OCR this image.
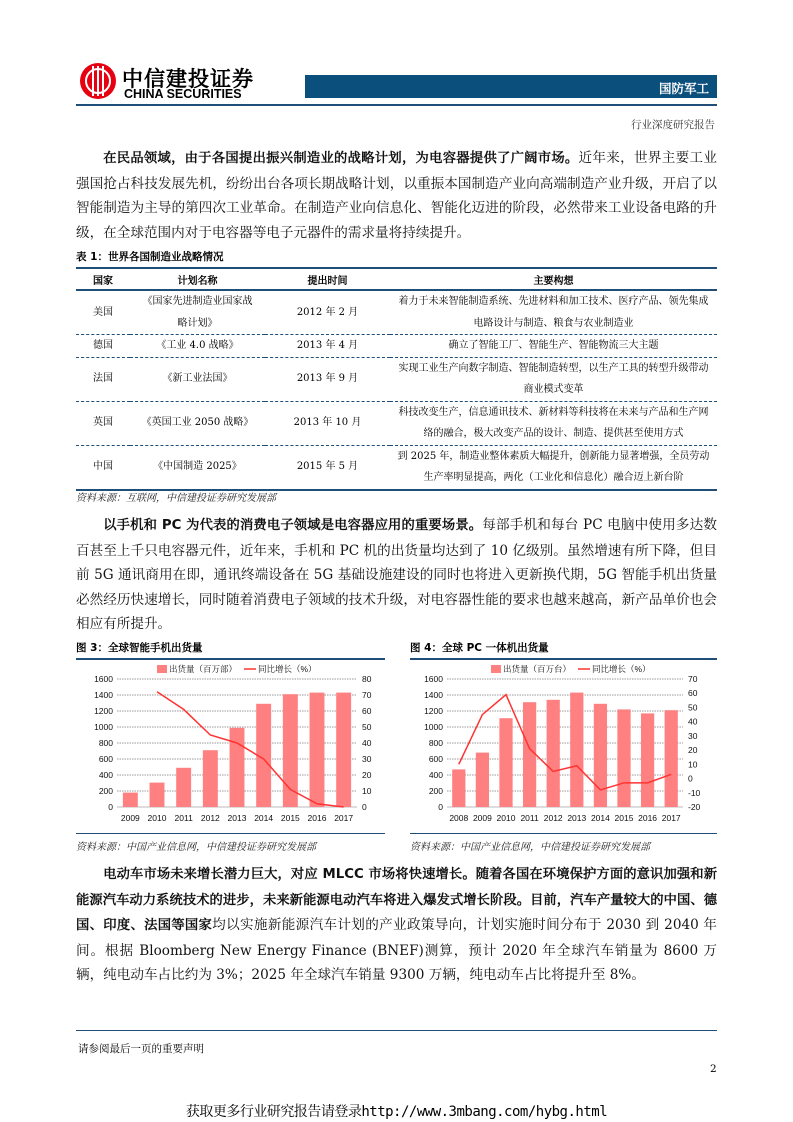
中信建投证券
CHINA SECURITIES	国防军工
行业深度研究报告

在民品领域，由于各国提出振兴制造业的战略计划，为电容器提供了广阔市场。近年来，世界主要工业强国抢占科技发展先机，纷纷出台各项长期战略计划，以重振本国制造产业向高端制造产业升级，开启了以智能制造为主导的第四次工业革命。在制造产业向信息化、智能化迈进的阶段，必然带来工业设备电路的升级，在全球范围内对于电容器等电子元器件的需求量将持续提升。

表 1：世界各国制造业战略情况
国家	计划名称	提出时间	主要构想
美国	《国家先进制造业国家战略计划》	2012 年 2 月	着力于未来智能制造系统、先进材料和加工技术、医疗产品、领先集成电路设计与制造、粮食与农业制造业
德国	《工业 4.0 战略》	2013 年 4 月	确立了智能工厂、智能生产、智能物流三大主题
法国	《新工业法国》	2013 年 9 月	实现工业生产向数字制造、智能制造转型，以生产工具的转型升级带动商业模式变革
英国	《英国工业 2050 战略》	2013 年 10 月	科技改变生产，信息通讯技术、新材料等科技将在未来与产品和生产网络的融合，极大改变产品的设计、制造、提供甚至使用方式
中国	《中国制造 2025》	2015 年 5 月	到 2025 年，制造业整体素质大幅提升，创新能力显著增强，全员劳动生产率明显提高，两化（工业化和信息化）融合迈上新台阶
资料来源：互联网，中信建投证券研究发展部

以手机和 PC 为代表的消费电子领域是电容器应用的重要场景。每部手机和每台 PC 电脑中使用多达数百甚至上千只电容器元件，近年来，手机和 PC 机的出货量均达到了 10 亿级别。虽然增速有所下降，但目前 5G 通讯商用在即，通讯终端设备在 5G 基础设施建设的同时也将进入更新换代期，5G 智能手机出货量必然经历快速增长，同时随着消费电子领域的技术升级，对电容器性能的要求也越来越高，新产品单价也会相应有所提升。

图 3：全球智能手机出货量
0
200
400
600
800
1000
1200
1400
1600
0
10
20
30
40
50
60
70
80
2009 2010 2011 2012 2013 2014 2015 2016 2017
出货量（百万部） 同比增长（%）
资料来源：中国产业信息网，中信建投证券研究发展部
图 4：全球 PC 一体机出货量
0
200
400
600
800
1000
1200
1400
1600
-20
-10
0
10
20
30
40
50
60
70
2008 2009 2010 2011 2012 2013 2014 2015 2016 2017
出货量（百万台） 同比增长（%）
资料来源：中国产业信息网，中信建投证券研究发展部

电动车市场未来增长潜力巨大，对应 MLCC 市场将快速增长。随着各国在环境保护方面的意识加强和新能源汽车动力系统技术的进步，未来新能源电动汽车将进入爆发式增长阶段。目前，汽车产量较大的中国、德国、印度、法国等国家均以实施新能源汽车计划的产业政策导向，计划实施时间分布于 2030 到 2040 年间。根据 Bloomberg New Energy Finance (BNEF)测算，预计 2020 年全球汽车销量为 8600 万辆，纯电动车占比约为 3%；2025 年全球汽车销量 9300 万辆，纯电动车占比将提升至 8%。

请参阅最后一页的重要声明
2
获取更多行业研究报告请登录http://www.3mbang.com/hybg.html
